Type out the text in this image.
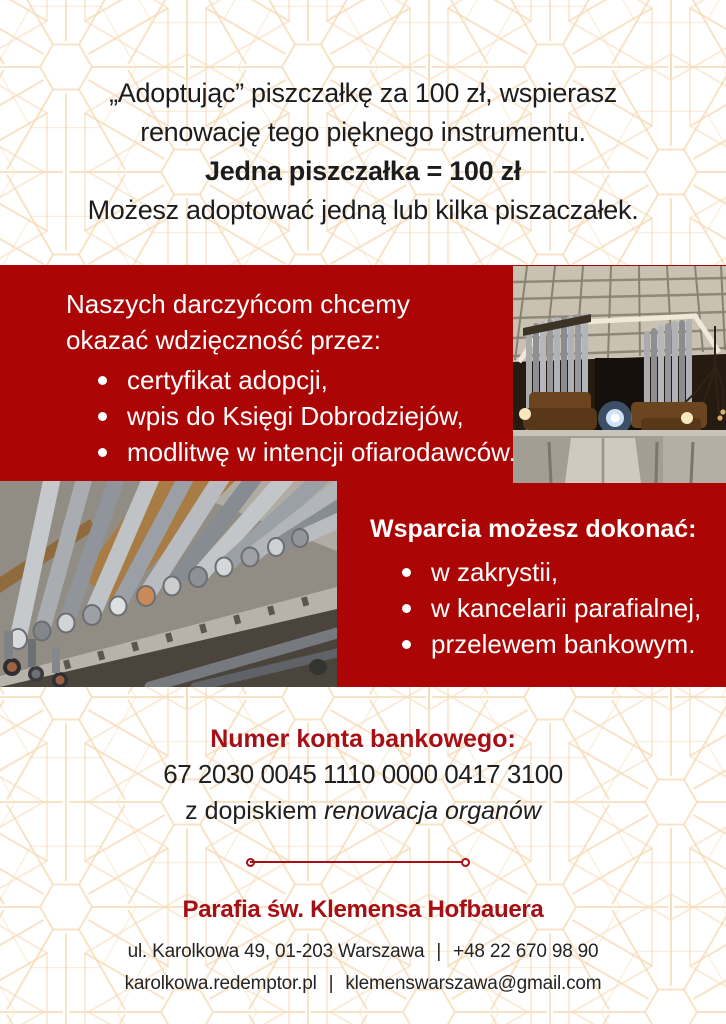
„Adoptując” piszczałkę za 100 zł, wspierasz
renowację tego pięknego instrumentu.
Jedna piszczałka = 100 zł
Możesz adoptować jedną lub kilka piszaczałek.
Naszych darczyńcom chcemy
okazać wdzięczność przez:
certyfikat adopcji,
wpis do Księgi Dobrodziejów,
modlitwę w intencji ofiarodawców.

Wsparcia możesz dokonać:

w zakrystii,
w kancelarii parafialnej,
przelewem bankowym.

Numer konta bankowego:

67 2030 0045 1110 0000 0417 3100

z dopiskiem renowacja organów

Parafia św. Klemensa Hofbauera

ul. Karolkowa 49, 01-203 Warszawa | +48 22 670 98 90

karolkowa.redemptor.pl | klemenswarszawa@gmail.com
